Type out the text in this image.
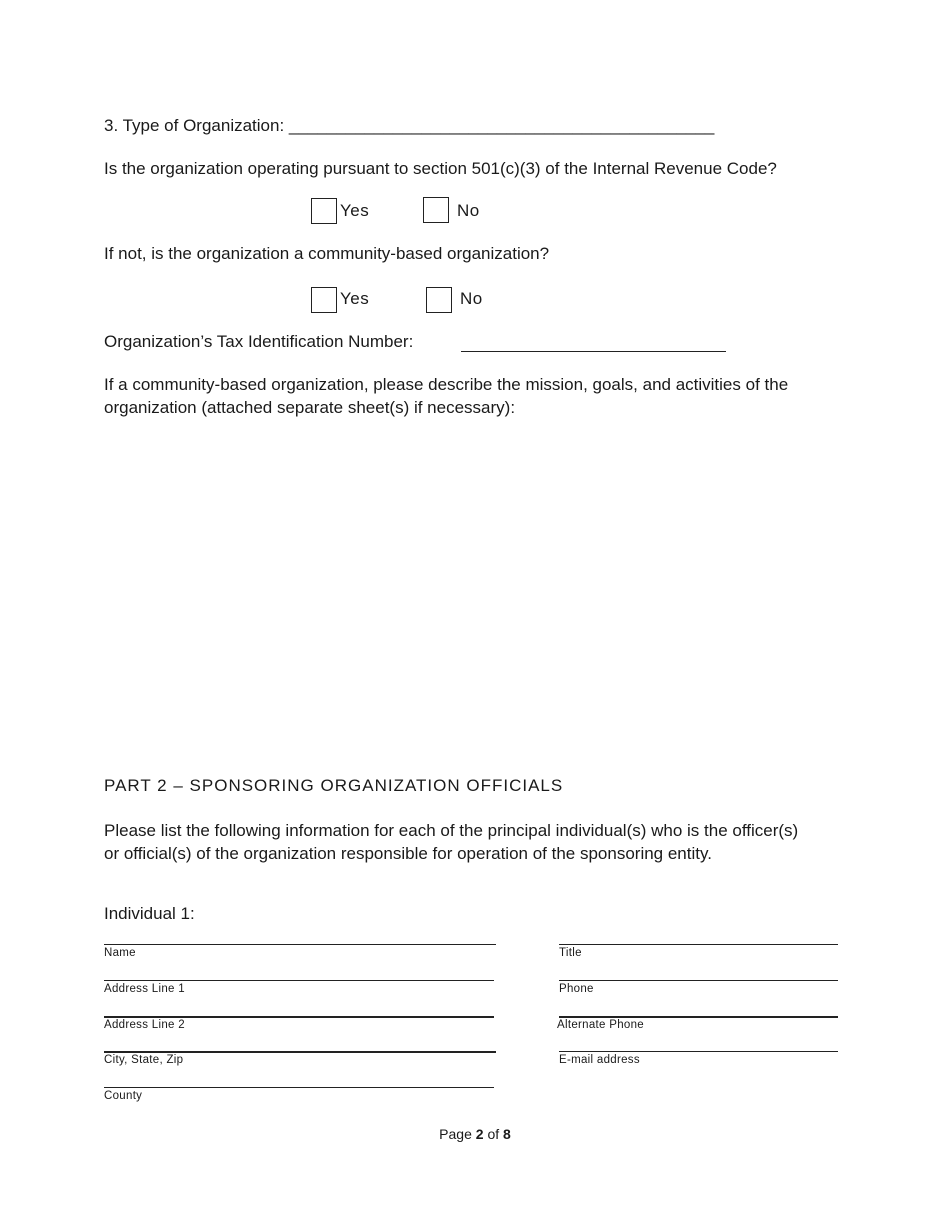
3. Type of Organization: _____________________________________________
Is the organization operating pursuant to section 501(c)(3) of the Internal Revenue Code?
Yes	No
If not, is the organization a community-based organization?
Yes	No
Organization’s Tax Identification Number:
If a community-based organization, please describe the mission, goals, and activities of the organization (attached separate sheet(s) if necessary):
PART 2 – SPONSORING ORGANIZATION OFFICIALS
Please list the following information for each of the principal individual(s) who is the officer(s) or official(s) of the organization responsible for operation of the sponsoring entity.
Individual 1:
Name
Address Line 1
Address Line 2
City, State, Zip
County
Title
Phone
Alternate Phone
E-mail address
Page 2 of 8
